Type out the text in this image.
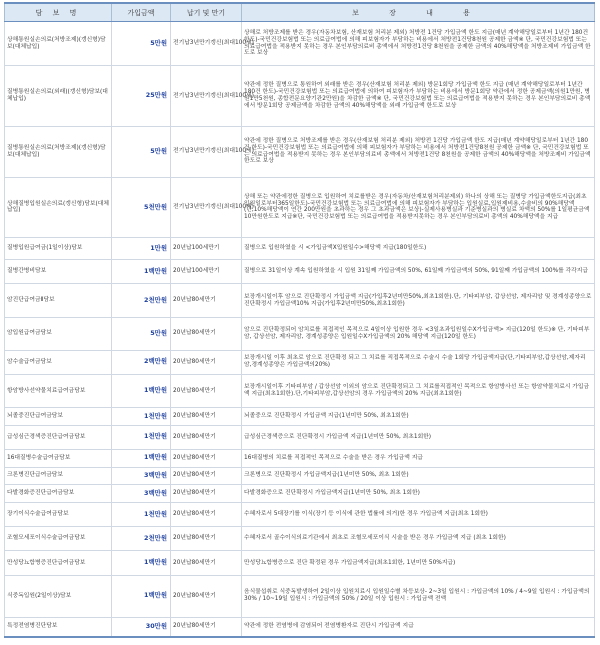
담 보 명	가입금액	납기 및 만기	보 장 내 용
상해통원실손의료(처방조제)(갱신형)담보(대체납입)	5만원	전기납3년만기갱신(최대100세)	상해로 처방조제를 받은 경우(자동차보험, 산재보험 처리분 제외) 처방전 1건당 가입금액 한도 지급(매년 계약해당일로부터 1년간 180건 한도)-국민건강보험법 또는 의료급여법에 의해 피보험자가 부담하는 비용에서 처방전1건당8천원 공제한 금액※ 단, 국민건강보험법 또는 의료급여법을 적용받지 못하는 경우 본인부담의료비 총액에서 처방전1건당 8천원을 공제한 금액의 40%해당액을 처방조제비 가입금액 한도로 보상
질병통원실손의료(외래)(갱신형)담보(대체납입)	25만원	전기납3년만기갱신(최대100세)	약관에 정한 질병으로 통원하여 외래를 받은 경우(산재보험 처리분 제외) 방문1회당 가입금액 한도 지급 (매년 계약해당일로부터 1년간 180건 한도)-국민건강보험법 또는 의료급여법에 의하여 피보험자가 부담하는 비용에서 방문1회당 약관에서 정한 공제금액(의원1만원, 병원1만5천원, 종합전문요양기관2만원)을 차감한 금액※ 단, 국민건강보험법 또는 의료급여법을 적용받지 못하는 경우 본인부담의료비 총액에서 방문1회당 공제금액을 차감한 금액의 40%해당액을 외래 가입금액 한도로 보상
질병통원실손의료(처방조제)(갱신형)담보(대체납입)	5만원	전기납3년만기갱신(최대100세)	약관에 정한 질병으로 처방조제를 받은 경우(산재보험 처리분 제외) 처방전 1건당 가입금액 한도 지급(매년 계약해당일로부터 1년간 180건 한도)-국민건강보험법 또는 의료급여법에 의해 피보험자가 부담하는 비용에서 처방전1건당8천원 공제한 금액※ 단, 국민건강보험법 또는 의료급여법을 적용받지 못하는 경우 본인부담의료비 총액에서 처방전1건당 8천원을 공제한 금액의 40%해당액을 처방조제비 가입금액 한도로 보상
상해질병입원실손의료(갱신형)담보(대체납입)	5천만원	전기납3년만기갱신(최대100세)	상해 또는 약관에정한 질병으로 입원하여 치료를받은 경우(자동차/산재보험처리분제외) 하나의 상해 또는 질병당 가입금액한도지급(최초입원일로부터365일한도)-국민건강보험법 또는 의료급여법에 의해 피보험자가 부담하는 입원실료,입원제비용,수술비의 90%해당액(단,10%해당액이 연간 200만원을 초과하는 경우 그 초과금액은 보상)-실제사용병실과 기준병실과의 병실료 차액의 50%를 1일평균금액 10만원한도로 지급※단, 국민건강보험법 또는 의료급여법을 적용받지못하는 경우 본인부담의료비 총액의 40%해당액을 지급
질병입원급여금(1일이상)담보	1만원	20년납100세만기	질병으로 입원하였을 시 <가입금액X입원일수>해당액 지급(180일한도)
질병간병비담보	1백만원	20년납100세만기	질병으로 31일이상 계속 입원하였을 시 입원 31일째 가입금액의 50%, 61일째 가입금액의 50%, 91일째 가입금액의 100%를 각각지급
암진단급여금Ⅱ담보	2천만원	20년납80세만기	보장개시일이후 암으로 진단확정시 가입금액 지급(가입후2년미만50%,최초1회한).단, 기타피부암, 갑상선암, 제자리암 및 경계성종양으로 진단확정시 가입금액10% 지급(가입후2년미만50%,최초1회한)
암입원급여금담보	5만원	20년납80세만기	암으로 진단확정되어 암치료를 직접적인 목적으로 4일이상 입원한 경우 <3일초과입원일수X가입금액> 지급(120일 한도)※ 단, 기타피부암, 갑상선암, 제자리암, 경계성종양은 입원일수X가입금액의 20% 해당액 지급(120일 한도)
암수술급여금담보	2백만원	20년납80세만기	보장개시일 이후 최초로 암으로 진단확정 되고 그 치료를 직접목적으로 수술시 수술 1회당 가입금액지급(단,기타피부암,갑상선암,제자리암,경계성종양은 가입금액의20%)
항암방사선약물치료급여금담보	1백만원	20년납80세만기	보장개시일이후 기타피부암 / 갑상선암 이외의 암으로 진단확정되고 그 치료를직접적인 목적으로 항암방사선 또는 항암약물치료시 가입금액 지급(최초1회한).단,기타피부암,갑상선암의 경우 가입금액의 20% 지급(최초1회한)
뇌졸중진단급여금담보	1천만원	20년납80세만기	뇌졸중으로 진단확정시 가입금액 지급(1년미만 50%, 최초1회한)
급성심근경색증진단급여금담보	1천만원	20년납80세만기	급성심근경색증으로 진단확정시 가입금액 지급(1년미만 50%, 최초1회한)
16대질병수술급여금담보	1백만원	20년납80세만기	16대질병의 치료를 직접적인 목적으로 수술을 받은 경우 가입금액 지급
크론병진단급여금담보	3백만원	20년납80세만기	크론병으로 진단확정시 가입금액지급(1년미만 50%, 최초 1회한)
다발경화증진단급여금담보	3백만원	20년납80세만기	다발경화증으로 진단확정시 가입금액지급(1년미만 50%, 최초 1회한)
장기이식수술급여금담보	1천만원	20년납80세만기	수혜자로서 5대장기를 이식(장기 등 이식에 관한 법률에 의거)한 경우 가입금액 지급(최초 1회한)
조혈모세포이식수술급여금담보	2천만원	20년납80세만기	수혜자로서 골수이식의료기관에서 최초로 조혈모세포이식 시술을 받은 경우 가입금액 지급 (최초 1회한)
만성당뇨합병증진단급여금담보	1백만원	20년납80세만기	만성당뇨합병증으로 진단 확정된 경우 가입금액지급(최초1회한, 1년미만 50%지급)
식중독입원(2일이상)담보	1백만원	20년납80세만기	음식물섭취로 식중독발생하여 2일이상 입원치료시 입원일수별 차등보상- 2~3일 입원시 : 가입금액의 10% / 4~9일 입원시 : 가입금액의 30% / 10~19일 입원시 : 가입금액의 50% / 20일 이상 입원시 : 가입금액 전액
특정전염병진단담보	30만원	20년납80세만기	약관에 정한 전염병에 감염되어 전염병환자로 진단시 가입금액 지급
